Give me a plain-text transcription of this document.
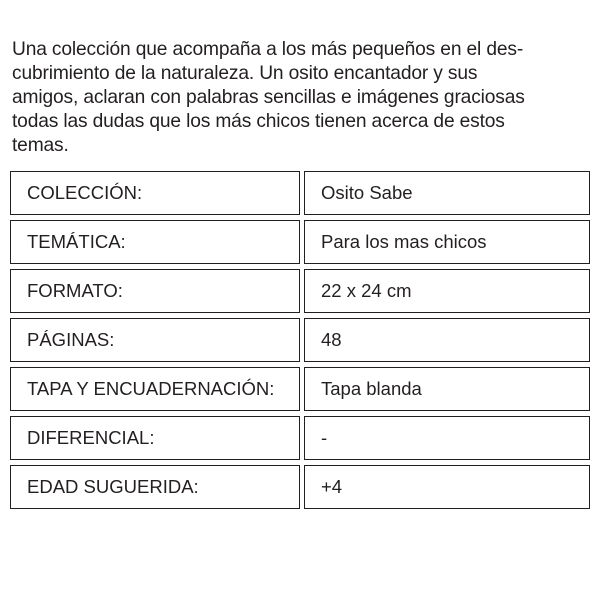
Una colección que acompaña a los más pequeños en el des-
cubrimiento de la naturaleza. Un osito encantador y sus
amigos, aclaran con palabras sencillas e imágenes graciosas
todas las dudas que los más chicos tienen acerca de estos
temas.

COLECCIÓN:	Osito Sabe
TEMÁTICA:	Para los mas chicos
FORMATO:	22 x 24 cm
PÁGINAS:	48
TAPA Y ENCUADERNACIÓN:	Tapa blanda
DIFERENCIAL:	-
EDAD SUGUERIDA:	+4
